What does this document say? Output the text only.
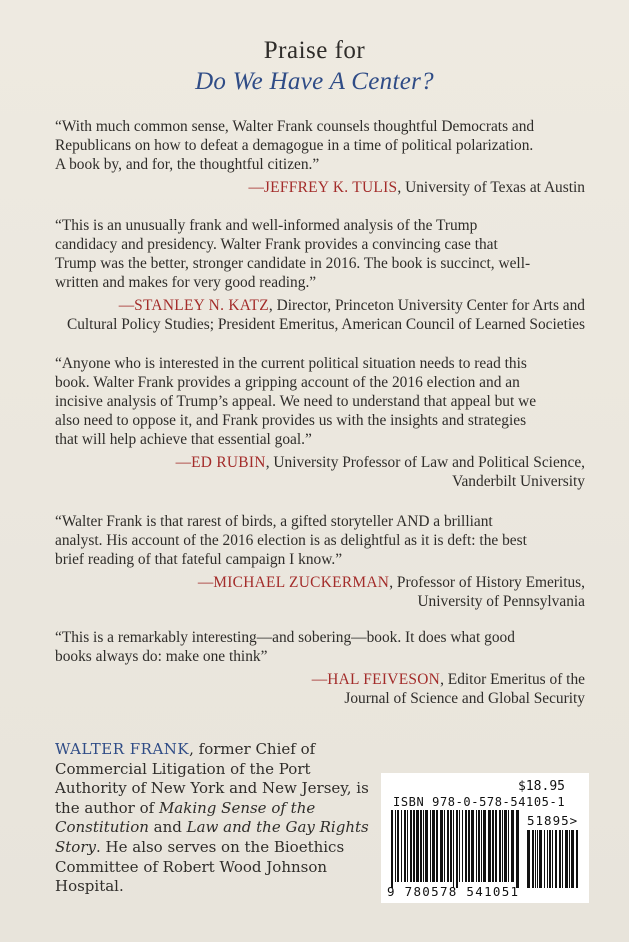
Praise for
Do We Have A Center?

“With much common sense, Walter Frank counsels thoughtful Democrats and
Republicans on how to defeat a demagogue in a time of political polarization.
A book by, and for, the thoughtful citizen.”

—JEFFREY K. TULIS, University of Texas at Austin

“This is an unusually frank and well-informed analysis of the Trump
candidacy and presidency. Walter Frank provides a convincing case that
Trump was the better, stronger candidate in 2016. The book is succinct, well-
written and makes for very good reading.”

—STANLEY N. KATZ, Director, Princeton University Center for Arts and
Cultural Policy Studies; President Emeritus, American Council of Learned Societies

“Anyone who is interested in the current political situation needs to read this
book. Walter Frank provides a gripping account of the 2016 election and an
incisive analysis of Trump’s appeal. We need to understand that appeal but we
also need to oppose it, and Frank provides us with the insights and strategies
that will help achieve that essential goal.”

—ED RUBIN, University Professor of Law and Political Science,
Vanderbilt University

“Walter Frank is that rarest of birds, a gifted storyteller AND a brilliant
analyst. His account of the 2016 election is as delightful as it is deft: the best
brief reading of that fateful campaign I know.”

—MICHAEL ZUCKERMAN, Professor of History Emeritus,
University of Pennsylvania

“This is a remarkably interesting—and sobering—book. It does what good
books always do: make one think”

—HAL FEIVESON, Editor Emeritus of the
Journal of Science and Global Security
WALTER FRANK, former Chief of Commercial Litigation of the Port Authority of New York and New Jersey, is the author of Making Sense of the Constitution and Law and the Gay Rights Story. He also serves on the Bioethics Committee of Robert Wood Johnson Hospital.
$18.95
ISBN 978-0-578-54105-1
51895>
9 780578 541051
